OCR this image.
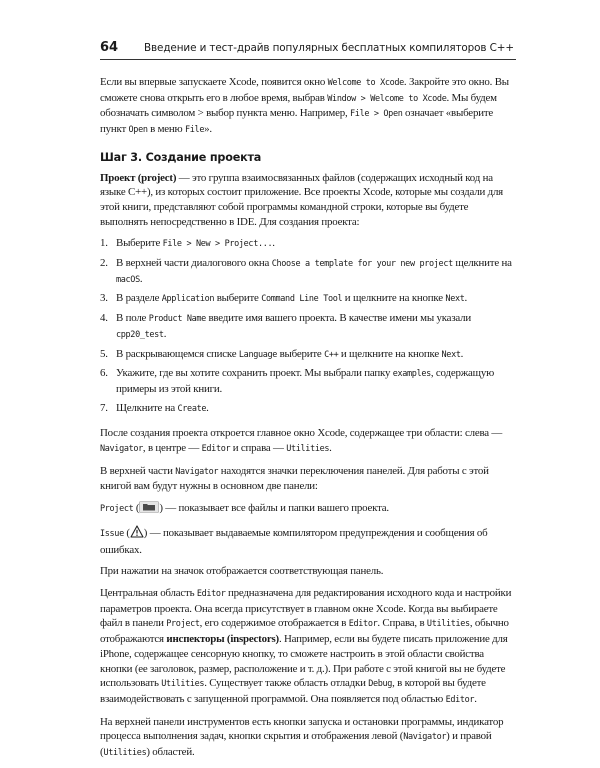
64	Введение и тест-драйв популярных бесплатных компиляторов C++

Если вы впервые запускаете Xcode, появится окно Welcome to Xcode. Закройте это окно. Вы сможете снова открыть его в любое время, выбрав Window > Welcome to Xcode. Мы будем обозначать символом > выбор пункта меню. Например, File > Open означает «выберите пункт Open в меню File».

Шаг 3. Создание проекта

Проект (project) — это группа взаимосвязанных файлов (содержащих исходный код на языке C++), из которых состоит приложение. Все проекты Xcode, которые мы создали для этой книги, представляют собой программы командной строки, которые вы будете выполнять непосредственно в IDE. Для создания проекта:

1. Выберите File > New > Project....
2. В верхней части диалогового окна Choose a template for your new project щелкните на macOS.
3. В разделе Application выберите Command Line Tool и щелкните на кнопке Next.
4. В поле Product Name введите имя вашего проекта. В качестве имени мы указали cpp20_test.
5. В раскрывающемся списке Language выберите C++ и щелкните на кнопке Next.
6. Укажите, где вы хотите сохранить проект. Мы выбрали папку examples, содержащую примеры из этой книги.
7. Щелкните на Create.

После создания проекта откроется главное окно Xcode, содержащее три области: слева — Navigator, в центре — Editor и справа — Utilities.

В верхней части Navigator находятся значки переключения панелей. Для работы с этой книгой вам будут нужны в основном две панели:

Project ( ) — показывает все файлы и папки вашего проекта.

Issue ( ) — показывает выдаваемые компилятором предупреждения и сообщения об ошибках.

При нажатии на значок отображается соответствующая панель.

Центральная область Editor предназначена для редактирования исходного кода и настройки параметров проекта. Она всегда присутствует в главном окне Xcode. Когда вы выбираете файл в панели Project, его содержимое отображается в Editor. Справа, в Utilities, обычно отображаются инспекторы (inspectors). Например, если вы будете писать приложение для iPhone, содержащее сенсорную кнопку, то сможете настроить в этой области свойства кнопки (ее заголовок, размер, расположение и т. д.). При работе с этой книгой вы не будете использовать Utilities. Существует также область отладки Debug, в которой вы будете взаимодействовать с запущенной программой. Она появляется под областью Editor.

На верхней панели инструментов есть кнопки запуска и остановки программы, индикатор процесса выполнения задач, кнопки скрытия и отображения левой (Navigator) и правой (Utilities) областей.
